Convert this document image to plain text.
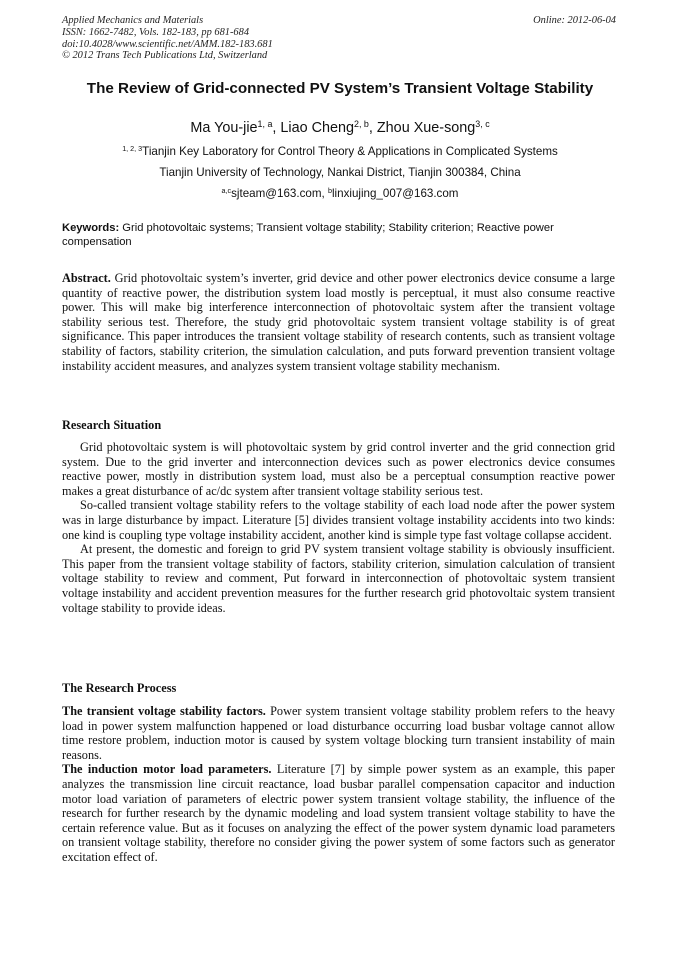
Applied Mechanics and Materials
ISSN: 1662-7482, Vols. 182-183, pp 681-684
doi:10.4028/www.scientific.net/AMM.182-183.681
© 2012 Trans Tech Publications Ltd, Switzerland
Online: 2012-06-04
The Review of Grid-connected PV System’s Transient Voltage Stability
Ma You-jie$^{1, a}$, Liao Cheng$^{2, b}$, Zhou Xue-song$^{3, c}$
$^{1, 2, 3}$Tianjin Key Laboratory for Control Theory & Applications in Complicated Systems
Tianjin University of Technology, Nankai District, Tianjin 300384, China
$^{a,c}$sjteam@163.com, $^b$linxiujing_007@163.com
Keywords: Grid photovoltaic systems; Transient voltage stability; Stability criterion; Reactive power compensation

Abstract. Grid photovoltaic system’s inverter, grid device and other power electronics device consume a large quantity of reactive power, the distribution system load mostly is perceptual, it must also consume reactive power. This will make big interference interconnection of photovoltaic system after the transient voltage stability serious test. Therefore, the study grid photovoltaic system transient voltage stability is of great significance. This paper introduces the transient voltage stability of research contents, such as transient voltage stability of factors, stability criterion, the simulation calculation, and puts forward prevention transient voltage instability accident measures, and analyzes system transient voltage stability mechanism.

Research Situation

Grid photovoltaic system is will photovoltaic system by grid control inverter and the grid connection grid system. Due to the grid inverter and interconnection devices such as power electronics device consumes reactive power, mostly in distribution system load, must also be a perceptual consumption reactive power makes a great disturbance of ac/dc system after transient voltage stability serious test.

So-called transient voltage stability refers to the voltage stability of each load node after the power system was in large disturbance by impact. Literature [5] divides transient voltage instability accidents into two kinds: one kind is coupling type voltage instability accident, another kind is simple type fast voltage collapse accident.

At present, the domestic and foreign to grid PV system transient voltage stability is obviously insufficient. This paper from the transient voltage stability of factors, stability criterion, simulation calculation of transient voltage stability to review and comment, Put forward in interconnection of photovoltaic system transient voltage instability and accident prevention measures for the further research grid photovoltaic system transient voltage stability to provide ideas.

The Research Process

The transient voltage stability factors. Power system transient voltage stability problem refers to the heavy load in power system malfunction happened or load disturbance occurring load busbar voltage cannot allow time restore problem, induction motor is caused by system voltage blocking turn transient instability of main reasons.

The induction motor load parameters. Literature [7] by simple power system as an example, this paper analyzes the transmission line circuit reactance, load busbar parallel compensation capacitor and induction motor load variation of parameters of electric power system transient voltage stability, the influence of the research for further research by the dynamic modeling and load system transient voltage stability to have the certain reference value. But as it focuses on analyzing the effect of the power system dynamic load parameters on transient voltage stability, therefore no consider giving the power system of some factors such as generator excitation effect of.
